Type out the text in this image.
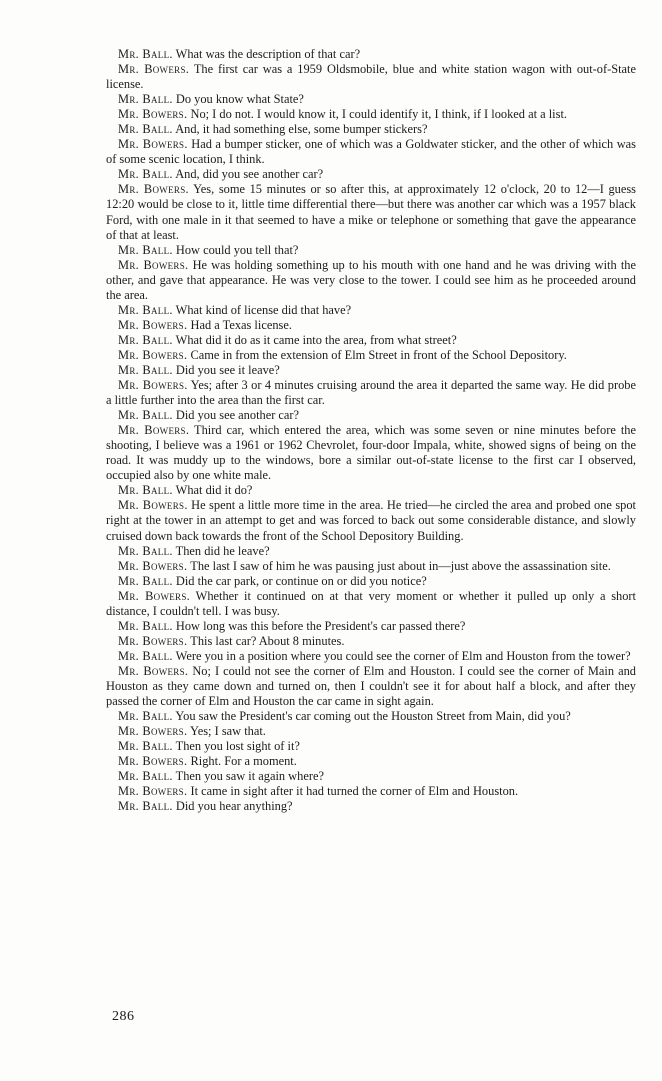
Mr. Ball. What was the description of that car?

Mr. Bowers. The first car was a 1959 Oldsmobile, blue and white station wagon with out-of-State license.

Mr. Ball. Do you know what State?

Mr. Bowers. No; I do not. I would know it, I could identify it, I think, if I looked at a list.

Mr. Ball. And, it had something else, some bumper stickers?

Mr. Bowers. Had a bumper sticker, one of which was a Goldwater sticker, and the other of which was of some scenic location, I think.

Mr. Ball. And, did you see another car?

Mr. Bowers. Yes, some 15 minutes or so after this, at approximately 12 o'clock, 20 to 12—I guess 12:20 would be close to it, little time differential there—but there was another car which was a 1957 black Ford, with one male in it that seemed to have a mike or telephone or something that gave the appearance of that at least.

Mr. Ball. How could you tell that?

Mr. Bowers. He was holding something up to his mouth with one hand and he was driving with the other, and gave that appearance. He was very close to the tower. I could see him as he proceeded around the area.

Mr. Ball. What kind of license did that have?

Mr. Bowers. Had a Texas license.

Mr. Ball. What did it do as it came into the area, from what street?

Mr. Bowers. Came in from the extension of Elm Street in front of the School Depository.

Mr. Ball. Did you see it leave?

Mr. Bowers. Yes; after 3 or 4 minutes cruising around the area it departed the same way. He did probe a little further into the area than the first car.

Mr. Ball. Did you see another car?

Mr. Bowers. Third car, which entered the area, which was some seven or nine minutes before the shooting, I believe was a 1961 or 1962 Chevrolet, four-door Impala, white, showed signs of being on the road. It was muddy up to the windows, bore a similar out-of-state license to the first car I observed, occupied also by one white male.

Mr. Ball. What did it do?

Mr. Bowers. He spent a little more time in the area. He tried—he circled the area and probed one spot right at the tower in an attempt to get and was forced to back out some considerable distance, and slowly cruised down back towards the front of the School Depository Building.

Mr. Ball. Then did he leave?

Mr. Bowers. The last I saw of him he was pausing just about in—just above the assassination site.

Mr. Ball. Did the car park, or continue on or did you notice?

Mr. Bowers. Whether it continued on at that very moment or whether it pulled up only a short distance, I couldn't tell. I was busy.

Mr. Ball. How long was this before the President's car passed there?

Mr. Bowers. This last car? About 8 minutes.

Mr. Ball. Were you in a position where you could see the corner of Elm and Houston from the tower?

Mr. Bowers. No; I could not see the corner of Elm and Houston. I could see the corner of Main and Houston as they came down and turned on, then I couldn't see it for about half a block, and after they passed the corner of Elm and Houston the car came in sight again.

Mr. Ball. You saw the President's car coming out the Houston Street from Main, did you?

Mr. Bowers. Yes; I saw that.

Mr. Ball. Then you lost sight of it?

Mr. Bowers. Right. For a moment.

Mr. Ball. Then you saw it again where?

Mr. Bowers. It came in sight after it had turned the corner of Elm and Houston.

Mr. Ball. Did you hear anything?

286
